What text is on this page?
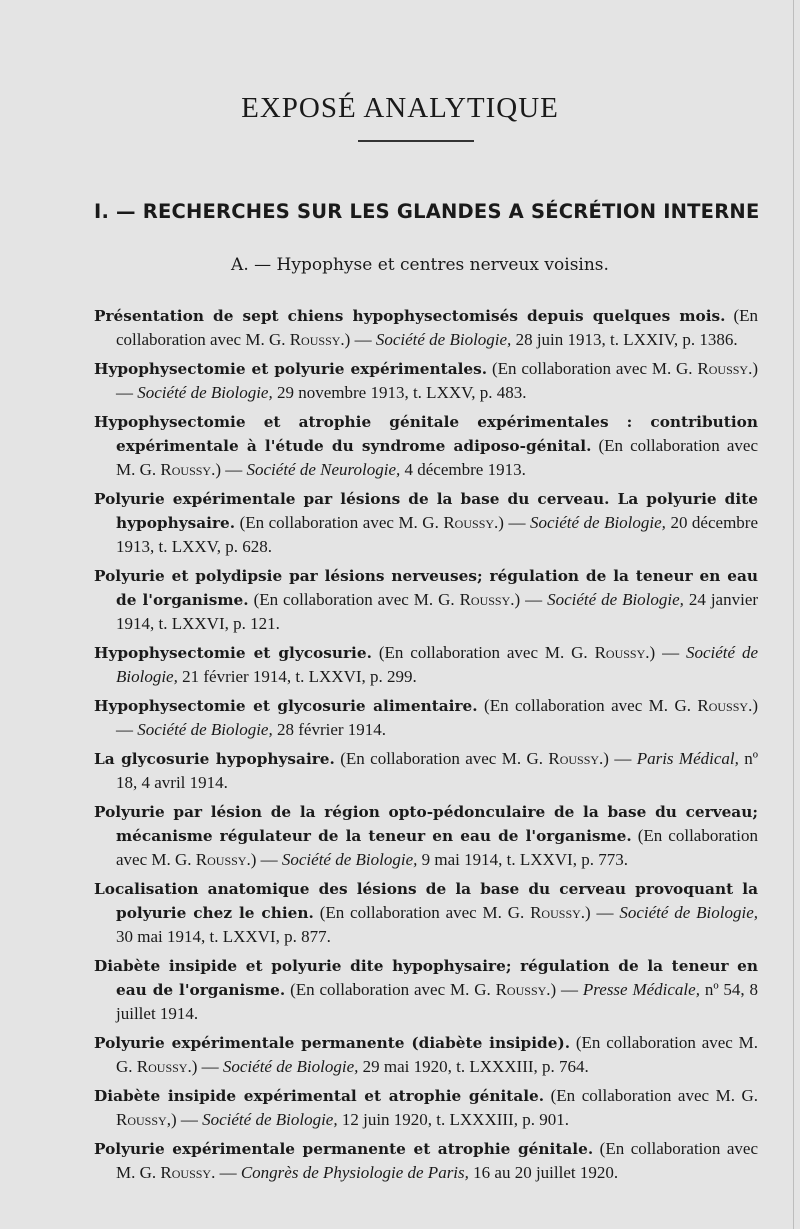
EXPOSÉ ANALYTIQUE
I. — RECHERCHES SUR LES GLANDES A SÉCRÉTION INTERNE
A. — Hypophyse et centres nerveux voisins.

Présentation de sept chiens hypophysectomisés depuis quelques mois. (En collaboration avec M. G. Roussy.) — Société de Biologie, 28 juin 1913, t. LXXIV, p. 1386.

Hypophysectomie et polyurie expérimentales. (En collaboration avec M. G. Roussy.) — Société de Biologie, 29 novembre 1913, t. LXXV, p. 483.

Hypophysectomie et atrophie génitale expérimentales : contribution expérimentale à l'étude du syndrome adiposo-génital. (En collaboration avec M. G. Roussy.) — Société de Neurologie, 4 décembre 1913.

Polyurie expérimentale par lésions de la base du cerveau. La polyurie dite hypophysaire. (En collaboration avec M. G. Roussy.) — Société de Biologie, 20 décembre 1913, t. LXXV, p. 628.

Polyurie et polydipsie par lésions nerveuses; régulation de la teneur en eau de l'organisme. (En collaboration avec M. G. Roussy.) — Société de Biologie, 24 janvier 1914, t. LXXVI, p. 121.

Hypophysectomie et glycosurie. (En collaboration avec M. G. Roussy.) — Société de Biologie, 21 février 1914, t. LXXVI, p. 299.

Hypophysectomie et glycosurie alimentaire. (En collaboration avec M. G. Roussy.) — Société de Biologie, 28 février 1914.

La glycosurie hypophysaire. (En collaboration avec M. G. Roussy.) — Paris Médical, nº 18, 4 avril 1914.

Polyurie par lésion de la région opto-pédonculaire de la base du cerveau; mécanisme régulateur de la teneur en eau de l'organisme. (En collaboration avec M. G. Roussy.) — Société de Biologie, 9 mai 1914, t. LXXVI, p. 773.

Localisation anatomique des lésions de la base du cerveau provoquant la polyurie chez le chien. (En collaboration avec M. G. Roussy.) — Société de Biologie, 30 mai 1914, t. LXXVI, p. 877.

Diabète insipide et polyurie dite hypophysaire; régulation de la teneur en eau de l'organisme. (En collaboration avec M. G. Roussy.) — Presse Médicale, nº 54, 8 juillet 1914.

Polyurie expérimentale permanente (diabète insipide). (En collaboration avec M. G. Roussy.) — Société de Biologie, 29 mai 1920, t. LXXXIII, p. 764.

Diabète insipide expérimental et atrophie génitale. (En collaboration avec M. G. Roussy,) — Société de Biologie, 12 juin 1920, t. LXXXIII, p. 901.

Polyurie expérimentale permanente et atrophie génitale. (En collaboration avec M. G. Roussy. — Congrès de Physiologie de Paris, 16 au 20 juillet 1920.
